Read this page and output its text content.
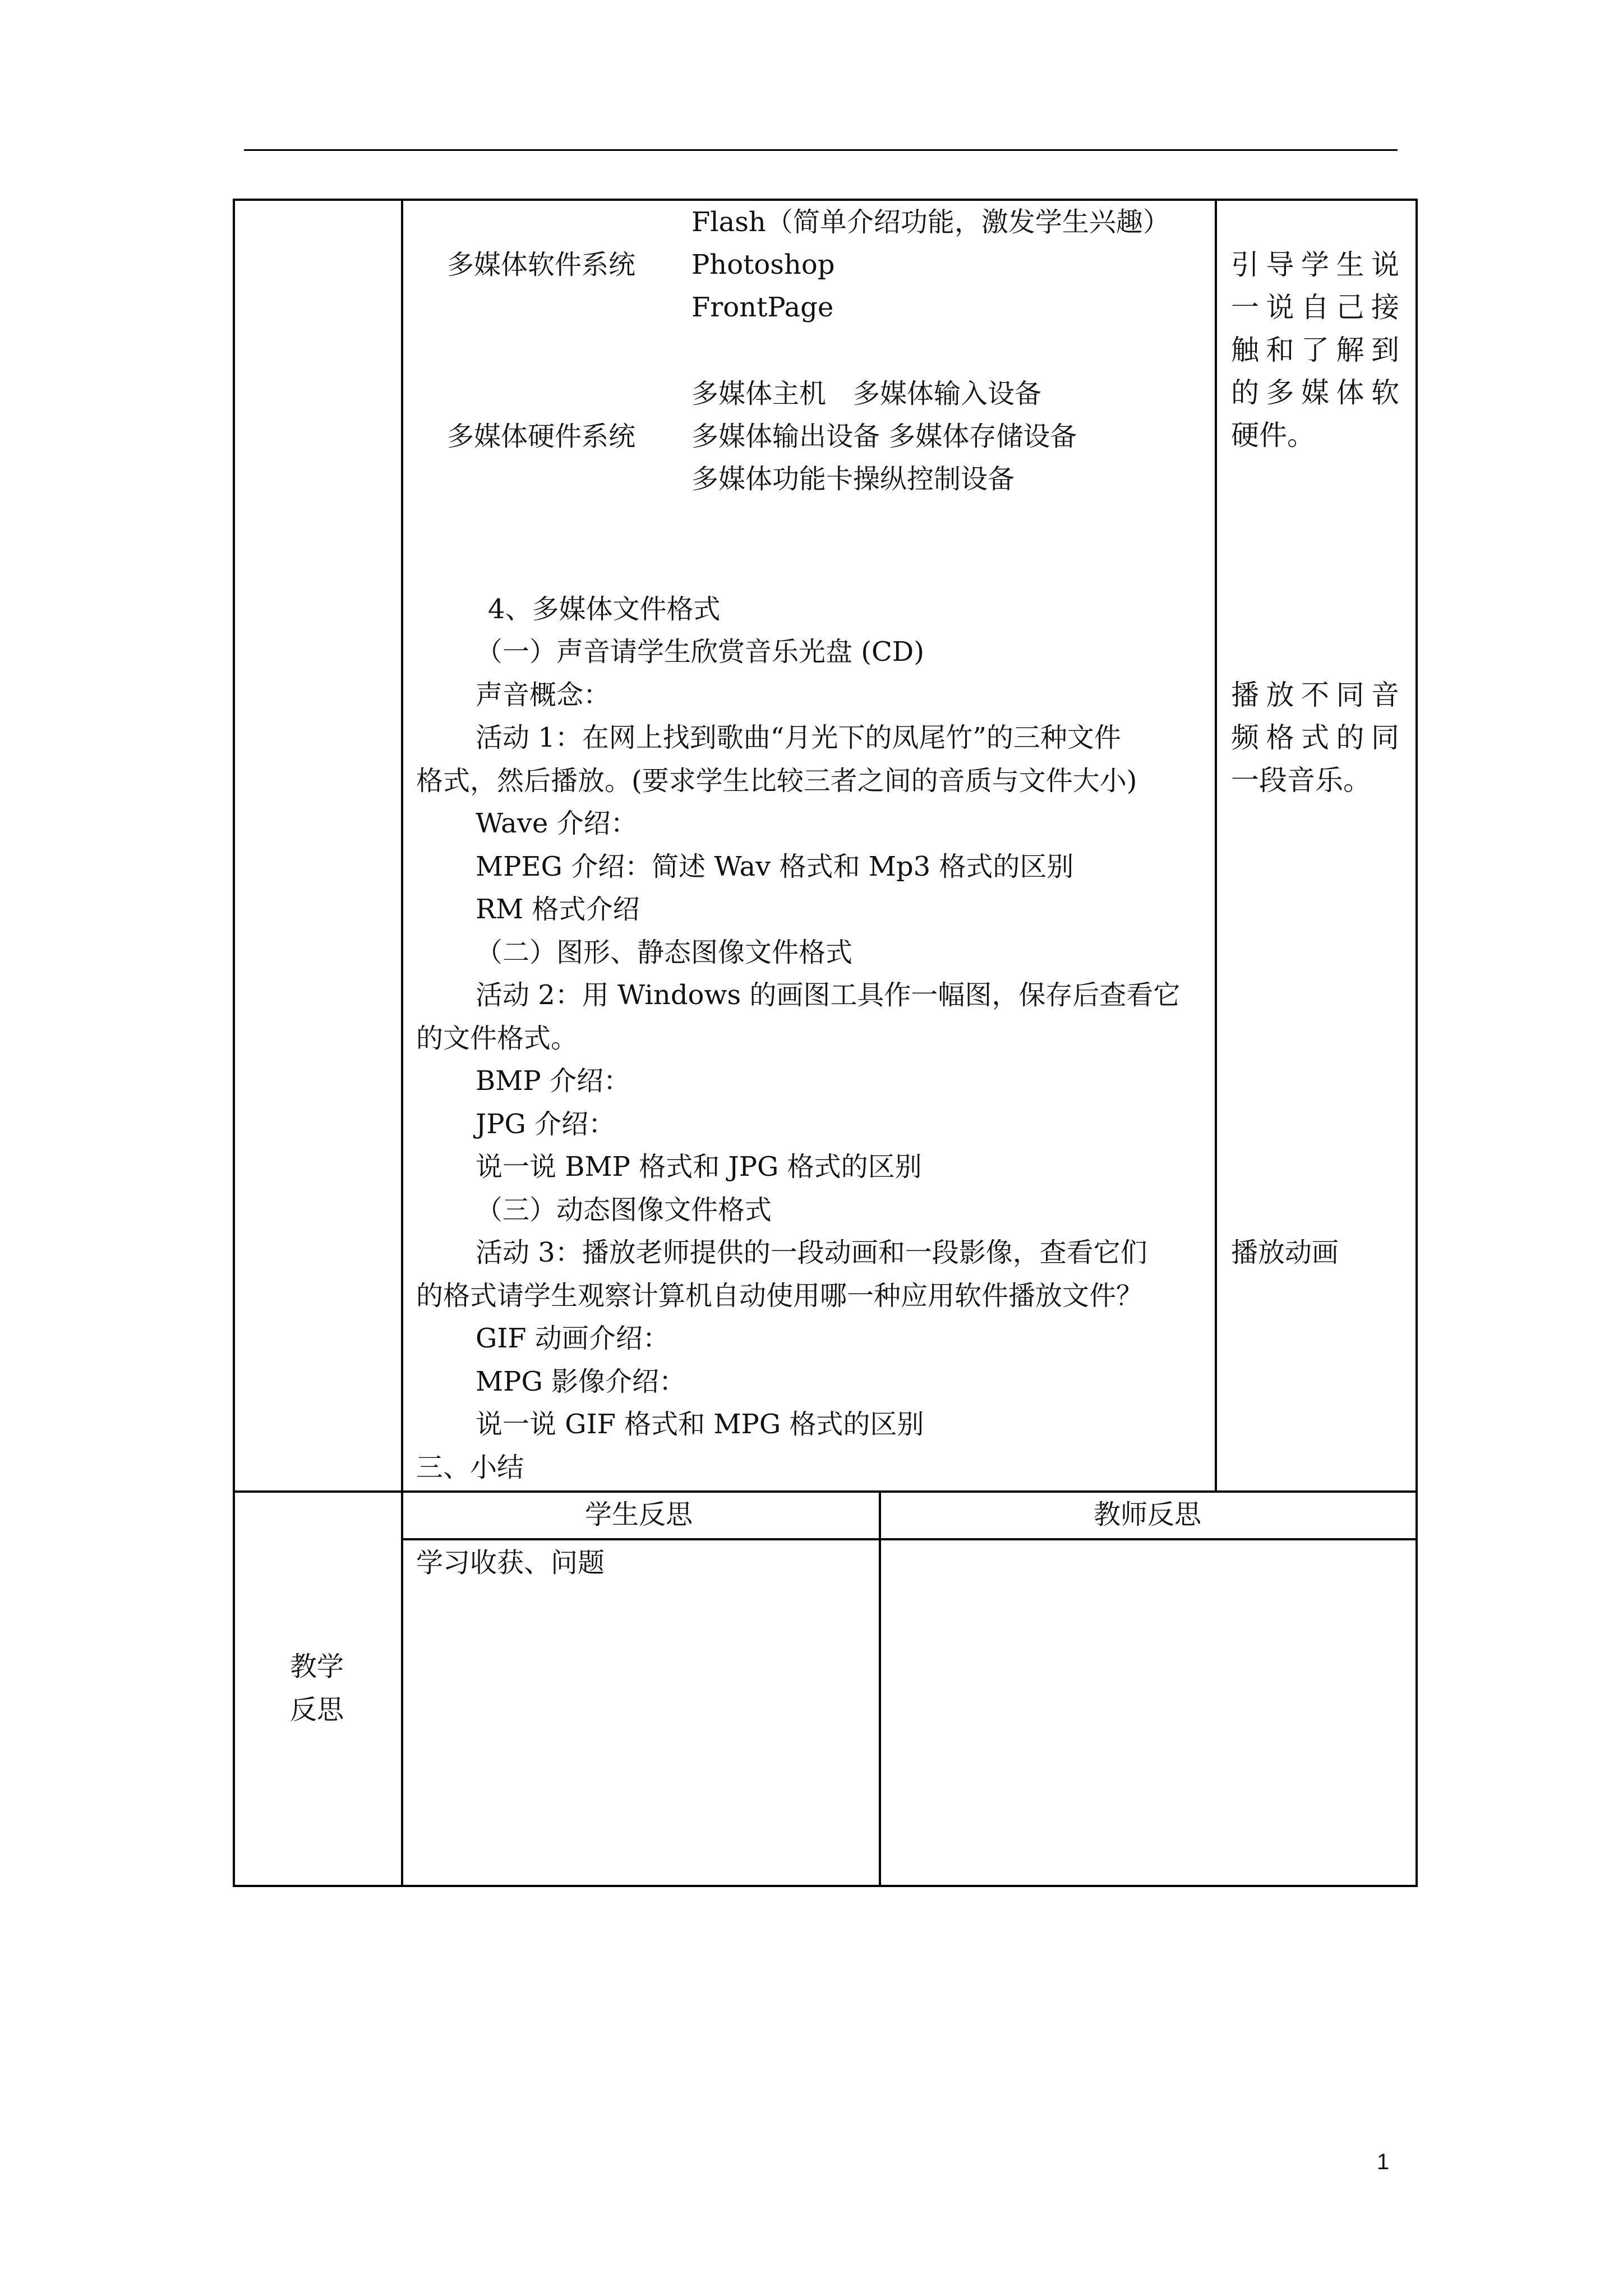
多媒体软件系统
Flash（简单介绍功能，激发学生兴趣）
Photoshop
FrontPage
多媒体硬件系统
多媒体主机　多媒体输入设备
多媒体输出设备 多媒体存储设备
多媒体功能卡操纵控制设备
4、多媒体文件格式
（一）声音请学生欣赏音乐光盘 (CD)
声音概念：
活动 1：在网上找到歌曲“月光下的凤尾竹”的三种文件
格式，然后播放。(要求学生比较三者之间的音质与文件大小)
Wave 介绍：
MPEG 介绍：简述 Wav 格式和 Mp3 格式的区别
RM 格式介绍
（二）图形、静态图像文件格式
活动 2：用 Windows 的画图工具作一幅图，保存后查看它
的文件格式。
BMP 介绍：
JPG 介绍：
说一说 BMP 格式和 JPG 格式的区别
（三）动态图像文件格式
活动 3：播放老师提供的一段动画和一段影像，查看它们
的格式请学生观察计算机自动使用哪一种应用软件播放文件？
GIF 动画介绍：
MPG 影像介绍：
说一说 GIF 格式和 MPG 格式的区别
三、小结
引导学生说
一说自己接
触和了解到
的多媒体软
硬件。
播放不同音
频格式的同
一段音乐。
播放动画
教学
反思
学生反思	教师反思
学习收获、问题
1
